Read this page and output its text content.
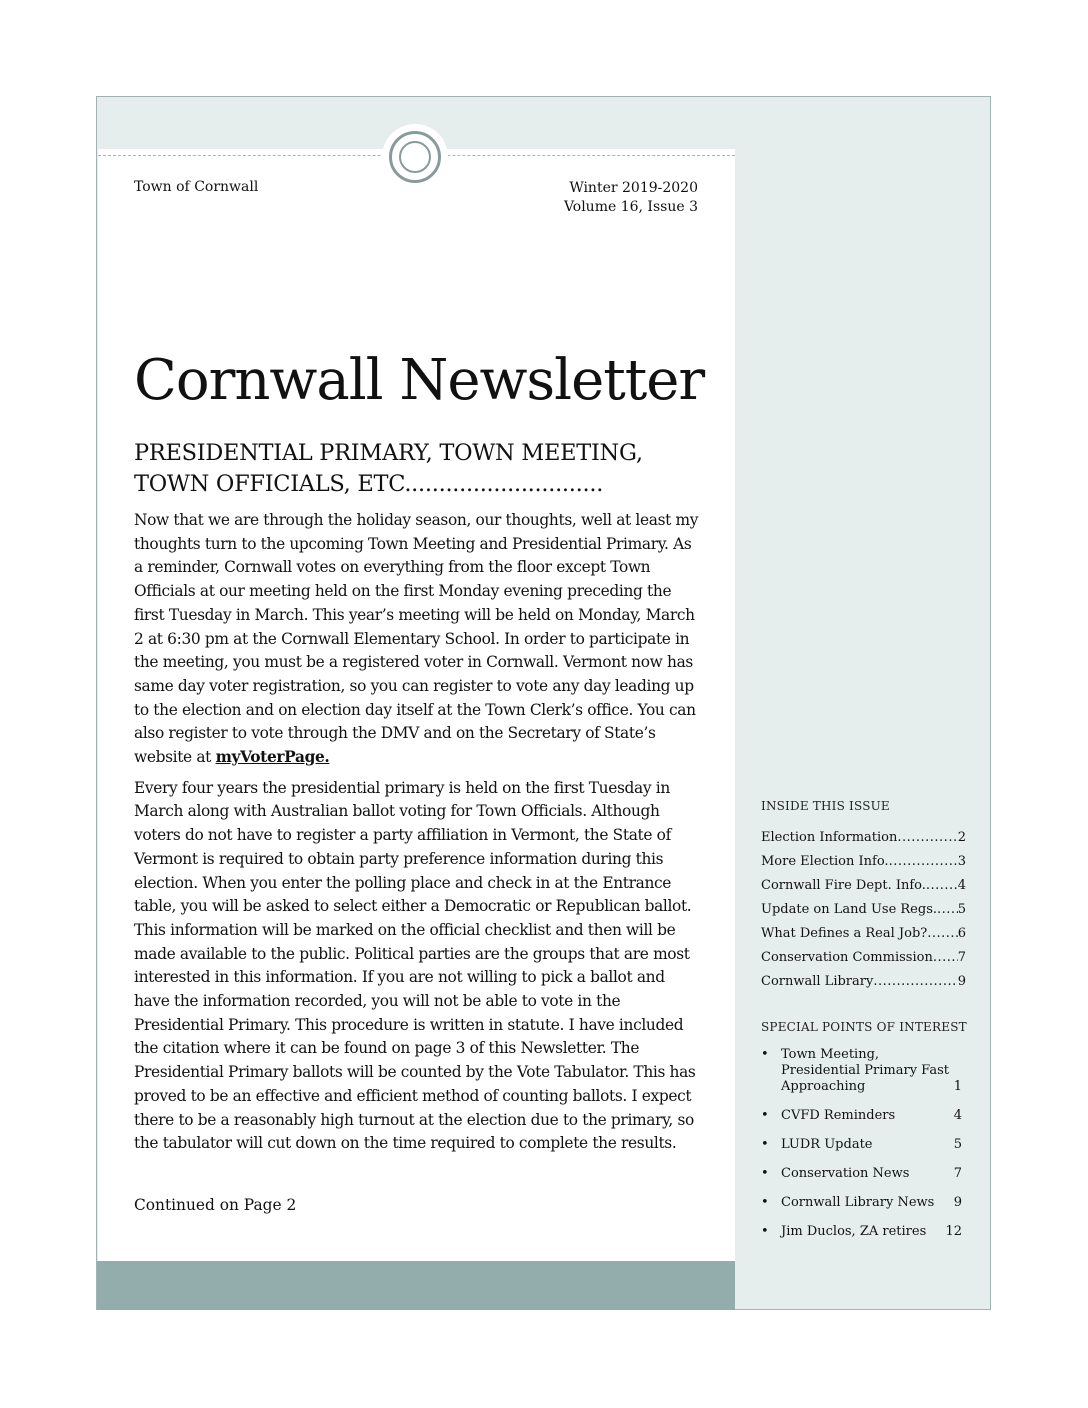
Town of Cornwall	Winter 2019-2020
Volume 16, Issue 3
Cornwall Newsletter
PRESIDENTIAL PRIMARY, TOWN MEETING, TOWN OFFICIALS, ETC.............................

Now that we are through the holiday season, our thoughts, well at least my thoughts turn to the upcoming Town Meeting and Presidential Primary. As a reminder, Cornwall votes on everything from the floor except Town Officials at our meeting held on the first Monday evening preceding the first Tuesday in March. This year’s meeting will be held on Monday, March 2 at 6:30 pm at the Cornwall Elementary School. In order to participate in the meeting, you must be a registered voter in Cornwall. Vermont now has same day voter registration, so you can register to vote any day leading up to the election and on election day itself at the Town Clerk’s office. You can also register to vote through the DMV and on the Secretary of State’s website at myVoterPage.

Every four years the presidential primary is held on the first Tuesday in March along with Australian ballot voting for Town Officials. Although voters do not have to register a party affiliation in Vermont, the State of Vermont is required to obtain party preference information during this election. When you enter the polling place and check in at the Entrance table, you will be asked to select either a Democratic or Republican ballot. This information will be marked on the official checklist and then will be made available to the public. Political parties are the groups that are most interested in this information. If you are not willing to pick a ballot and have the information recorded, you will not be able to vote in the Presidential Primary. This procedure is written in statute. I have included the citation where it can be found on page 3 of this Newsletter. The Presidential Primary ballots will be counted by the Vote Tabulator. This has proved to be an effective and efficient method of counting ballots. I expect there to be a reasonably high turnout at the election due to the primary, so the tabulator will cut down on the time required to complete the results.

Continued on Page 2
INSIDE THIS ISSUE
Election Information .....	2
More Election Info. .....	3
Cornwall Fire Dept. Info. ..... 4
Update on Land Use Regs. ..... 5
What Defines a Real Job? ..... 6
Conservation Commission ..... 7
Cornwall Library .....	9
SPECIAL POINTS OF INTEREST
• Town Meeting, Presidential Primary Fast Approaching	1
• CVFD Reminders	4
• LUDR Update	5
• Conservation News	7
• Cornwall Library News	9
• Jim Duclos, ZA retires	12
